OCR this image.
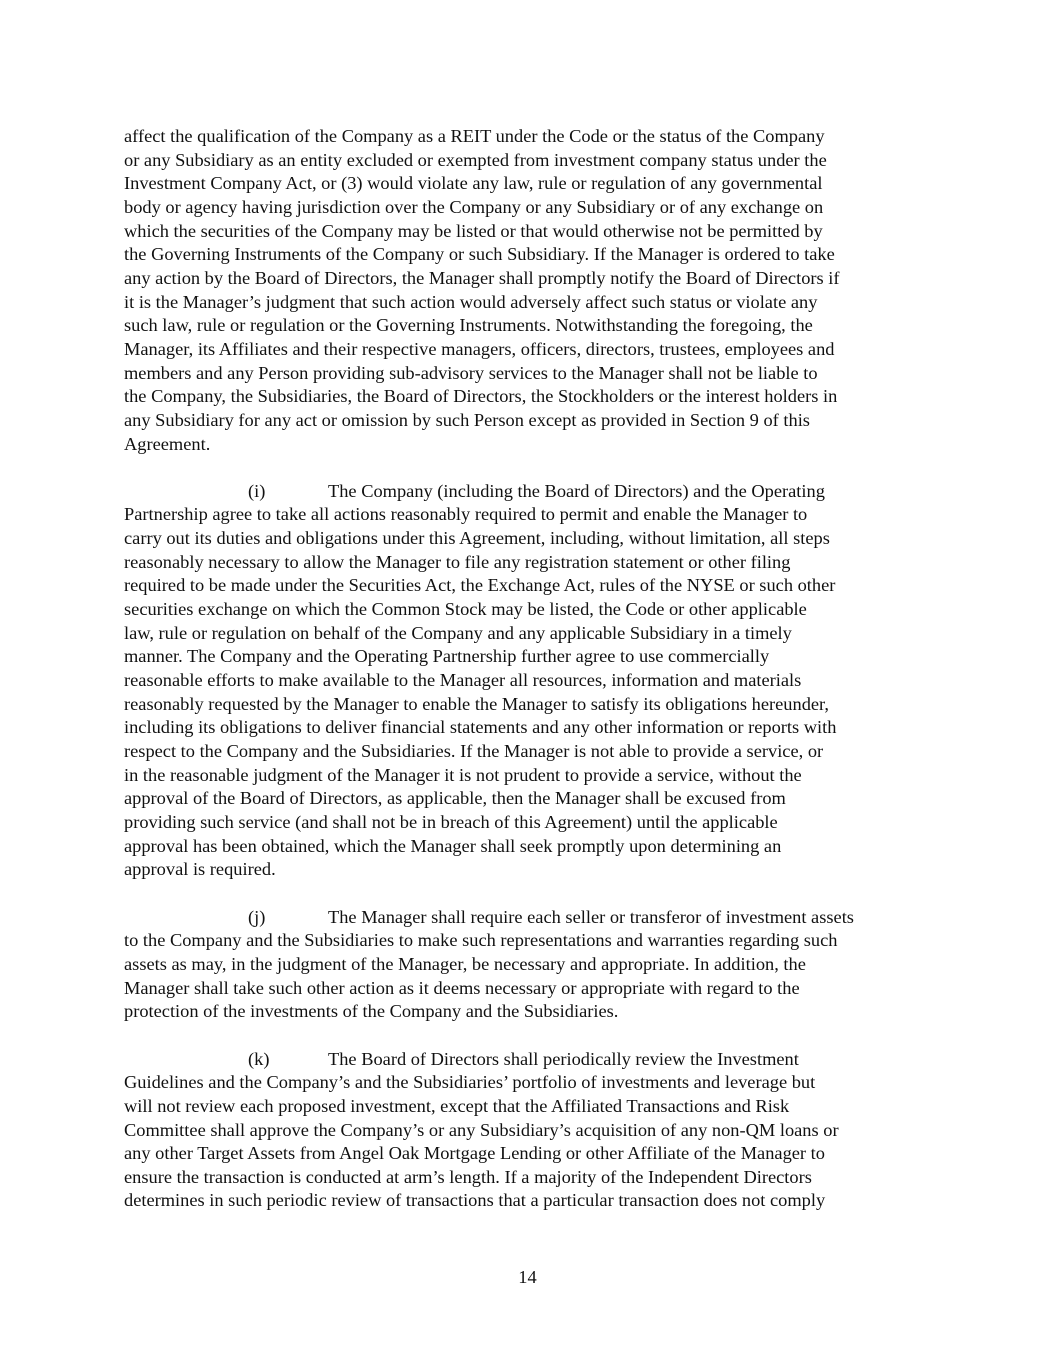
affect the qualification of the Company as a REIT under the Code or the status of the Company
or any Subsidiary as an entity excluded or exempted from investment company status under the
Investment Company Act, or (3) would violate any law, rule or regulation of any governmental
body or agency having jurisdiction over the Company or any Subsidiary or of any exchange on
which the securities of the Company may be listed or that would otherwise not be permitted by
the Governing Instruments of the Company or such Subsidiary. If the Manager is ordered to take
any action by the Board of Directors, the Manager shall promptly notify the Board of Directors if
it is the Manager’s judgment that such action would adversely affect such status or violate any
such law, rule or regulation or the Governing Instruments. Notwithstanding the foregoing, the
Manager, its Affiliates and their respective managers, officers, directors, trustees, employees and
members and any Person providing sub-advisory services to the Manager shall not be liable to
the Company, the Subsidiaries, the Board of Directors, the Stockholders or the interest holders in
any Subsidiary for any act or omission by such Person except as provided in Section 9 of this
Agreement.

(i)	The Company (including the Board of Directors) and the Operating
Partnership agree to take all actions reasonably required to permit and enable the Manager to
carry out its duties and obligations under this Agreement, including, without limitation, all steps
reasonably necessary to allow the Manager to file any registration statement or other filing
required to be made under the Securities Act, the Exchange Act, rules of the NYSE or such other
securities exchange on which the Common Stock may be listed, the Code or other applicable
law, rule or regulation on behalf of the Company and any applicable Subsidiary in a timely
manner. The Company and the Operating Partnership further agree to use commercially
reasonable efforts to make available to the Manager all resources, information and materials
reasonably requested by the Manager to enable the Manager to satisfy its obligations hereunder,
including its obligations to deliver financial statements and any other information or reports with
respect to the Company and the Subsidiaries. If the Manager is not able to provide a service, or
in the reasonable judgment of the Manager it is not prudent to provide a service, without the
approval of the Board of Directors, as applicable, then the Manager shall be excused from
providing such service (and shall not be in breach of this Agreement) until the applicable
approval has been obtained, which the Manager shall seek promptly upon determining an
approval is required.

(j)	The Manager shall require each seller or transferor of investment assets
to the Company and the Subsidiaries to make such representations and warranties regarding such
assets as may, in the judgment of the Manager, be necessary and appropriate. In addition, the
Manager shall take such other action as it deems necessary or appropriate with regard to the
protection of the investments of the Company and the Subsidiaries.

(k)	The Board of Directors shall periodically review the Investment
Guidelines and the Company’s and the Subsidiaries’ portfolio of investments and leverage but
will not review each proposed investment, except that the Affiliated Transactions and Risk
Committee shall approve the Company’s or any Subsidiary’s acquisition of any non-QM loans or
any other Target Assets from Angel Oak Mortgage Lending or other Affiliate of the Manager to
ensure the transaction is conducted at arm’s length. If a majority of the Independent Directors
determines in such periodic review of transactions that a particular transaction does not comply

14
